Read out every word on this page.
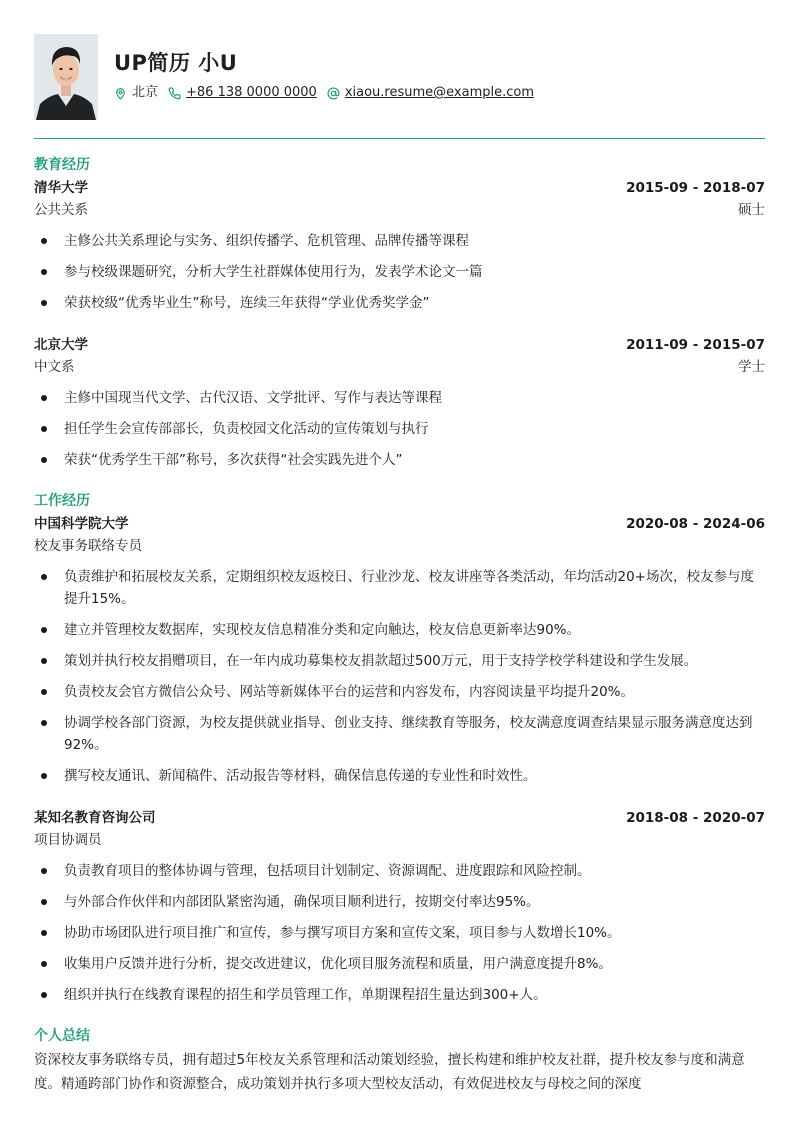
UP简历 小U
北京 +86 138 0000 0000 xiaou.resume@example.com
教育经历
清华大学	2015-09 - 2018-07
公共关系	硕士
主修公共关系理论与实务、组织传播学、危机管理、品牌传播等课程
参与校级课题研究，分析大学生社群媒体使用行为，发表学术论文一篇
荣获校级“优秀毕业生”称号，连续三年获得“学业优秀奖学金”
北京大学	2011-09 - 2015-07
中文系	学士
主修中国现当代文学、古代汉语、文学批评、写作与表达等课程
担任学生会宣传部部长，负责校园文化活动的宣传策划与执行
荣获“优秀学生干部”称号，多次获得“社会实践先进个人”
工作经历
中国科学院大学	2020-08 - 2024-06
校友事务联络专员
负责维护和拓展校友关系，定期组织校友返校日、行业沙龙、校友讲座等各类活动，年均活动20+场次，校友参与度提升15%。
建立并管理校友数据库，实现校友信息精准分类和定向触达，校友信息更新率达90%。
策划并执行校友捐赠项目，在一年内成功募集校友捐款超过500万元，用于支持学校学科建设和学生发展。
负责校友会官方微信公众号、网站等新媒体平台的运营和内容发布，内容阅读量平均提升20%。
协调学校各部门资源，为校友提供就业指导、创业支持、继续教育等服务，校友满意度调查结果显示服务满意度达到92%。
撰写校友通讯、新闻稿件、活动报告等材料，确保信息传递的专业性和时效性。
某知名教育咨询公司	2018-08 - 2020-07
项目协调员
负责教育项目的整体协调与管理，包括项目计划制定、资源调配、进度跟踪和风险控制。
与外部合作伙伴和内部团队紧密沟通，确保项目顺利进行，按期交付率达95%。
协助市场团队进行项目推广和宣传，参与撰写项目方案和宣传文案，项目参与人数增长10%。
收集用户反馈并进行分析，提交改进建议，优化项目服务流程和质量，用户满意度提升8%。
组织并执行在线教育课程的招生和学员管理工作，单期课程招生量达到300+人。
个人总结
资深校友事务联络专员，拥有超过5年校友关系管理和活动策划经验，擅长构建和维护校友社群，提升校友参与度和满意度。精通跨部门协作和资源整合，成功策划并执行多项大型校友活动，有效促进校友与母校之间的深度
